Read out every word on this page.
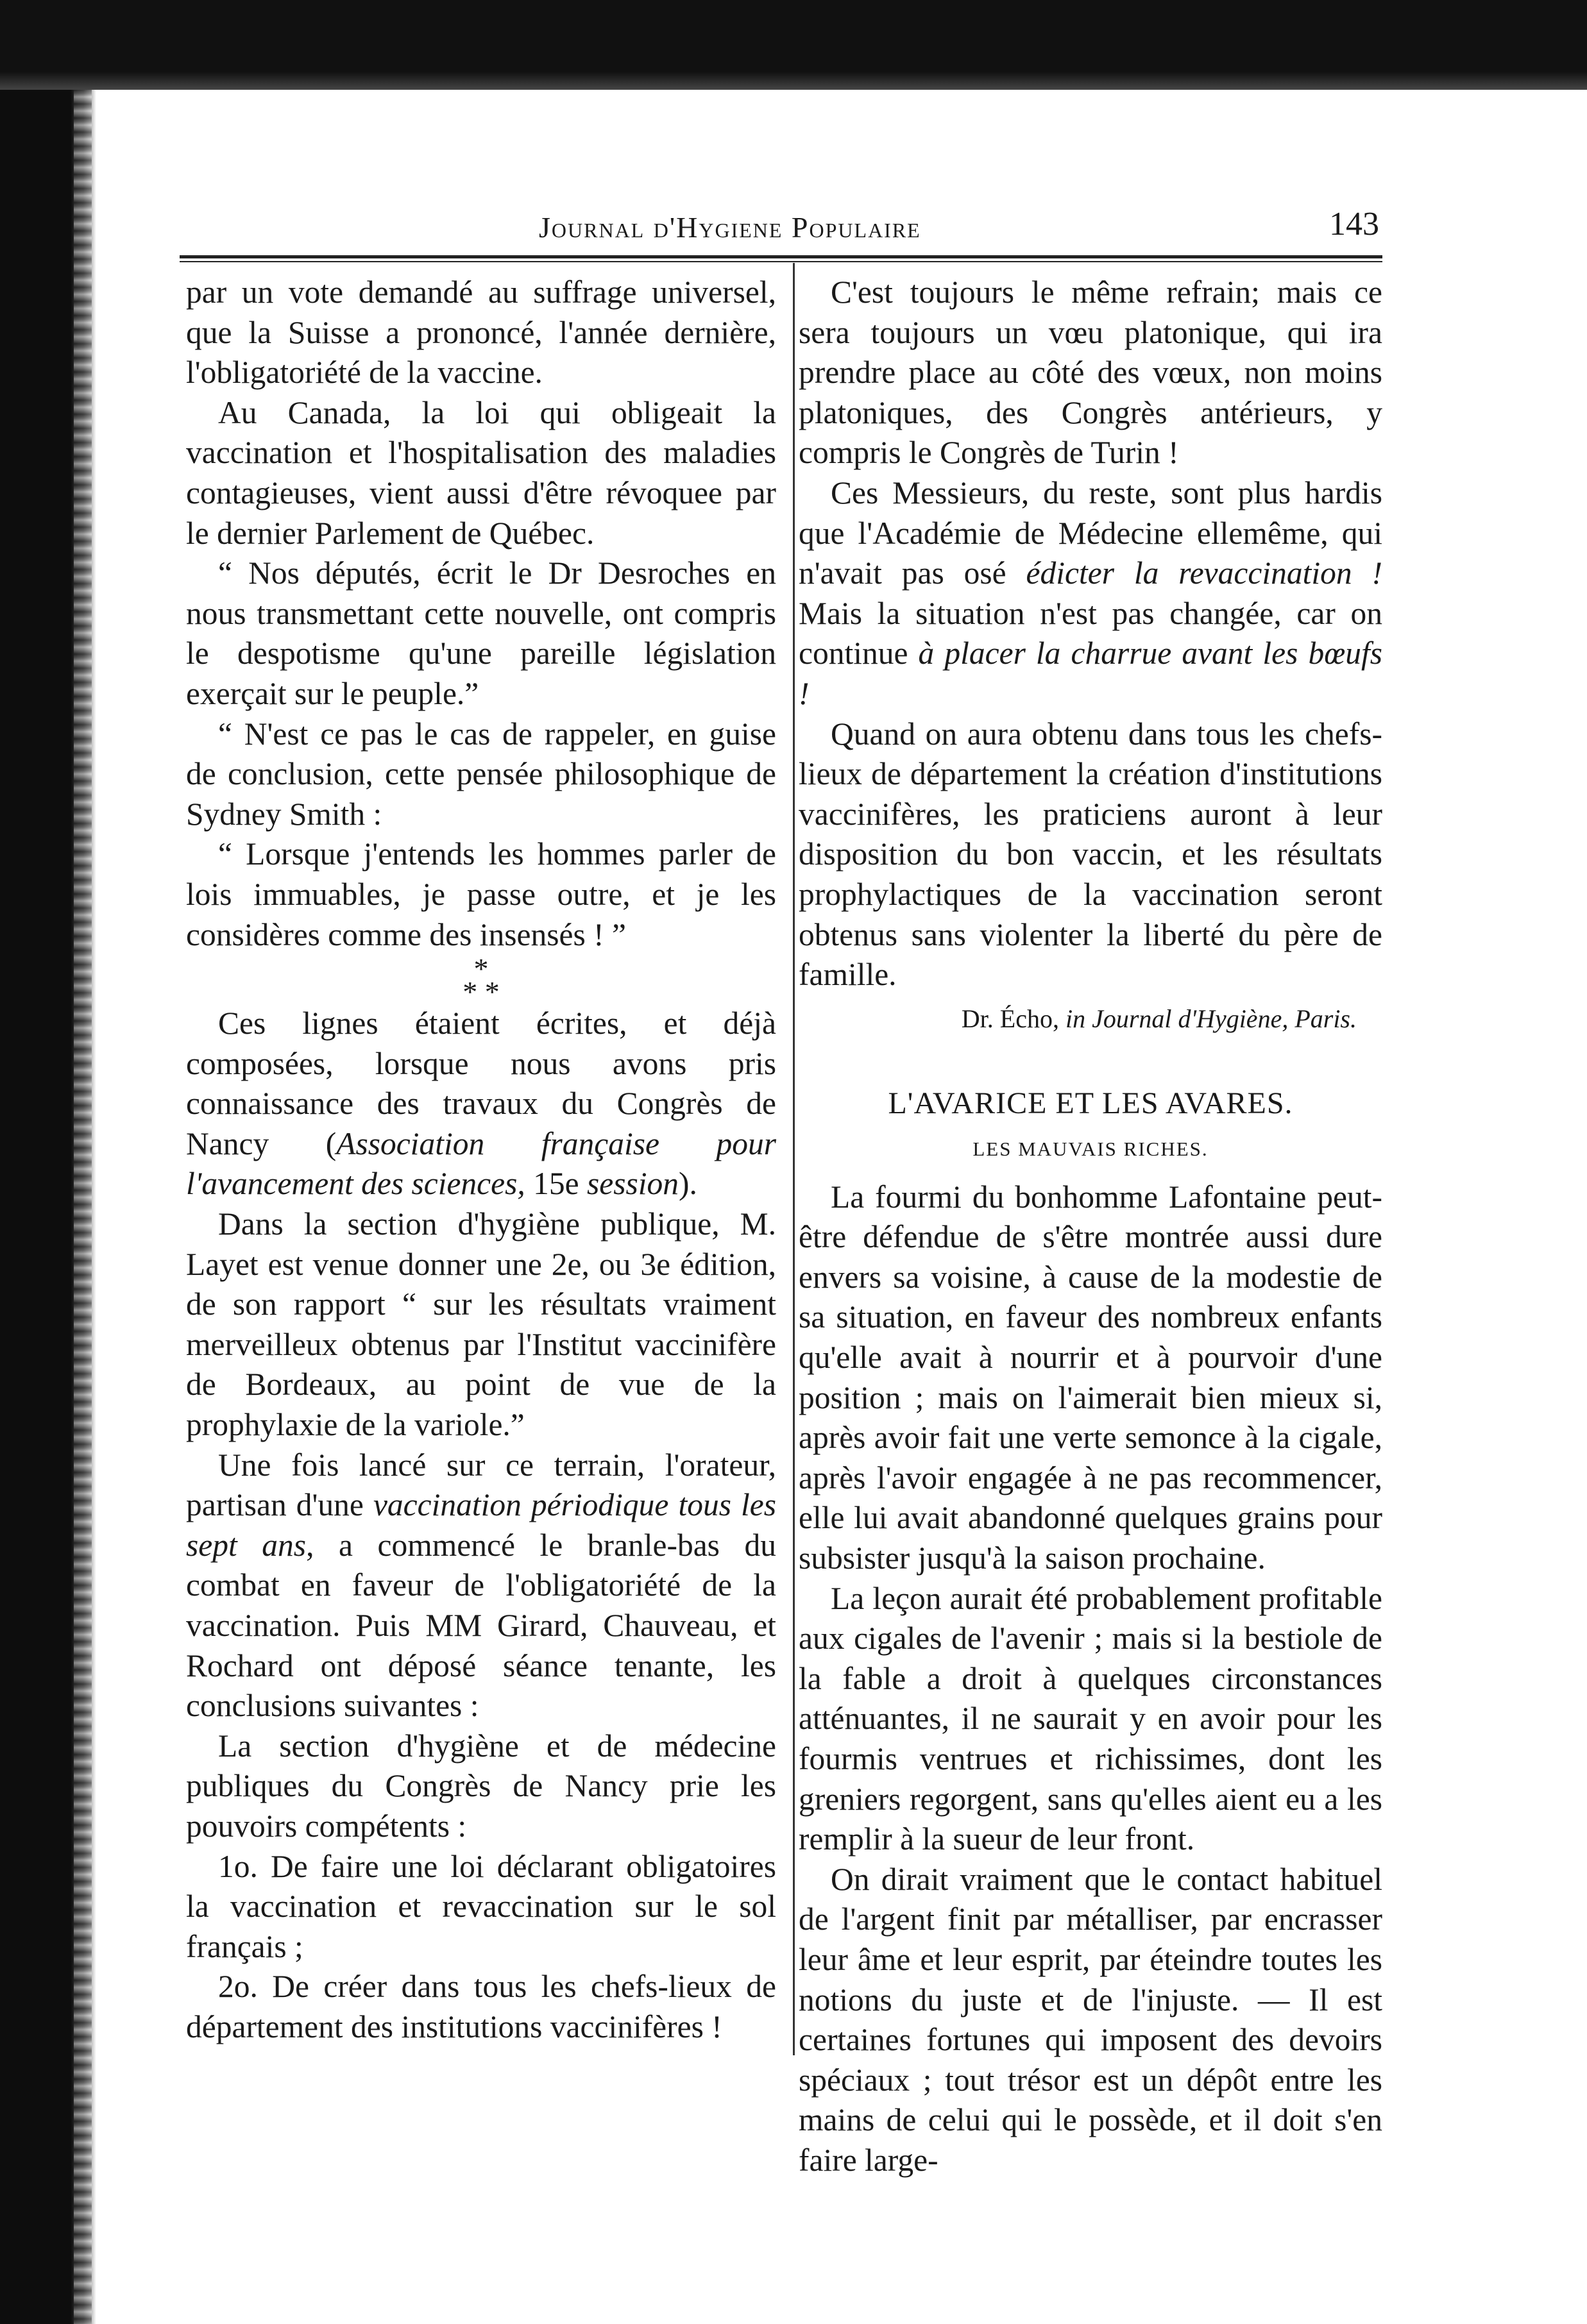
Journal d'Hygiene Populaire	143

par un vote demandé au suffrage universel, que la Suisse a prononcé, l'année dernière, l'obligatoriété de la vaccine.

Au Canada, la loi qui obligeait la vaccination et l'hospitalisation des maladies contagieuses, vient aussi d'être révoquee par le dernier Parlement de Québec.

“ Nos députés, écrit le Dr Desroches en nous transmettant cette nouvelle, ont compris le despotisme qu'une pareille législation exerçait sur le peuple.”

“ N'est ce pas le cas de rappeler, en guise de conclusion, cette pensée philosophique de Sydney Smith :

“ Lorsque j'entends les hommes parler de lois immuables, je passe outre, et je les considères comme des insensés ! ”

*
* *

Ces lignes étaient écrites, et déjà composées, lorsque nous avons pris connaissance des travaux du Congrès de Nancy (Association française pour l'avancement des sciences, 15e session).

Dans la section d'hygiène publique, M. Layet est venue donner une 2e, ou 3e édition, de son rapport “ sur les résultats vraiment merveilleux obtenus par l'Institut vaccinifère de Bordeaux, au point de vue de la prophylaxie de la variole.”

Une fois lancé sur ce terrain, l'orateur, partisan d'une vaccination périodique tous les sept ans, a commencé le branle-bas du combat en faveur de l'obligatoriété de la vaccination. Puis MM Girard, Chauveau, et Rochard ont déposé séance tenante, les conclusions suivantes :

La section d'hygiène et de médecine publiques du Congrès de Nancy prie les pouvoirs compétents :

1o. De faire une loi déclarant obligatoires la vaccination et revaccination sur le sol français ;

2o. De créer dans tous les chefs-lieux de département des institutions vaccinifères !

C'est toujours le même refrain; mais ce sera toujours un vœu platonique, qui ira prendre place au côté des vœux, non moins platoniques, des Congrès antérieurs, y compris le Congrès de Turin !

Ces Messieurs, du reste, sont plus hardis que l'Académie de Médecine ellemême, qui n'avait pas osé édicter la revaccination ! Mais la situation n'est pas changée, car on continue à placer la charrue avant les bœufs !

Quand on aura obtenu dans tous les chefs-lieux de département la création d'institutions vaccinifères, les praticiens auront à leur disposition du bon vaccin, et les résultats prophylactiques de la vaccination seront obtenus sans violenter la liberté du père de famille.

Dr. Écho, in Journal d'Hygiène, Paris.
L'AVARICE ET LES AVARES.
LES MAUVAIS RICHES.

La fourmi du bonhomme Lafontaine peut-être défendue de s'être montrée aussi dure envers sa voisine, à cause de la modestie de sa situation, en faveur des nombreux enfants qu'elle avait à nourrir et à pourvoir d'une position ; mais on l'aimerait bien mieux si, après avoir fait une verte semonce à la cigale, après l'avoir engagée à ne pas recommencer, elle lui avait abandonné quelques grains pour subsister jusqu'à la saison prochaine.

La leçon aurait été probablement profitable aux cigales de l'avenir ; mais si la bestiole de la fable a droit à quelques circonstances atténuantes, il ne saurait y en avoir pour les fourmis ventrues et richissimes, dont les greniers regorgent, sans qu'elles aient eu a les remplir à la sueur de leur front.

On dirait vraiment que le contact habituel de l'argent finit par métalliser, par encrasser leur âme et leur esprit, par éteindre toutes les notions du juste et de l'injuste. — Il est certaines fortunes qui imposent des devoirs spéciaux ; tout trésor est un dépôt entre les mains de celui qui le possède, et il doit s'en faire large-
